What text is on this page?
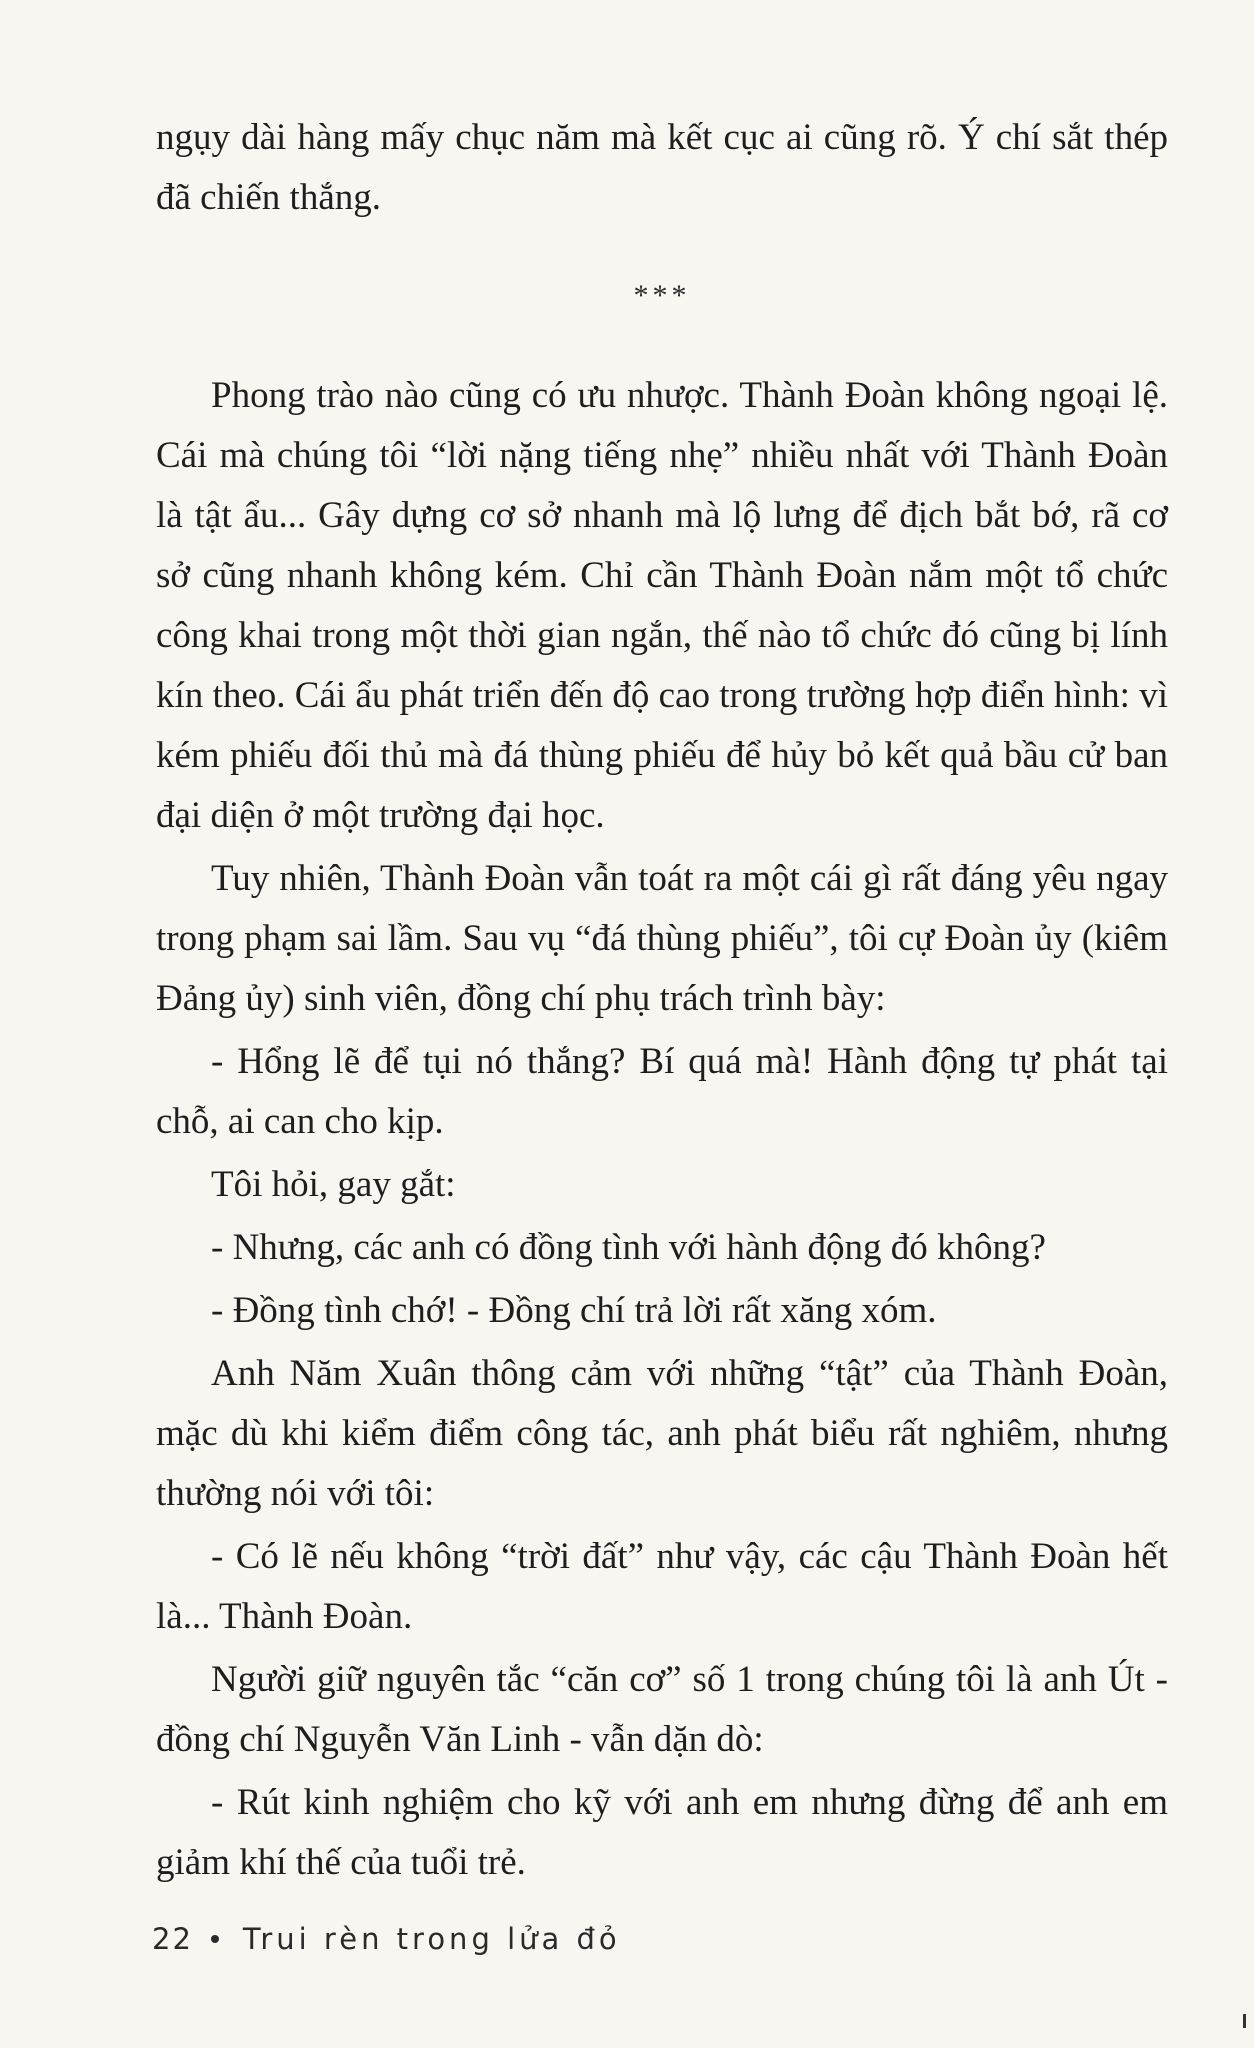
ngụy dài hàng mấy chục năm mà kết cục ai cũng rõ. Ý chí sắt thép đã chiến thắng.

***

Phong trào nào cũng có ưu nhược. Thành Đoàn không ngoại lệ. Cái mà chúng tôi “lời nặng tiếng nhẹ” nhiều nhất với Thành Đoàn là tật ẩu... Gây dựng cơ sở nhanh mà lộ lưng để địch bắt bớ, rã cơ sở cũng nhanh không kém. Chỉ cần Thành Đoàn nắm một tổ chức công khai trong một thời gian ngắn, thế nào tổ chức đó cũng bị lính kín theo. Cái ẩu phát triển đến độ cao trong trường hợp điển hình: vì kém phiếu đối thủ mà đá thùng phiếu để hủy bỏ kết quả bầu cử ban đại diện ở một trường đại học.

Tuy nhiên, Thành Đoàn vẫn toát ra một cái gì rất đáng yêu ngay trong phạm sai lầm. Sau vụ “đá thùng phiếu”, tôi cự Đoàn ủy (kiêm Đảng ủy) sinh viên, đồng chí phụ trách trình bày:

- Hổng lẽ để tụi nó thắng? Bí quá mà! Hành động tự phát tại chỗ, ai can cho kịp.

Tôi hỏi, gay gắt:

- Nhưng, các anh có đồng tình với hành động đó không?

- Đồng tình chớ! - Đồng chí trả lời rất xăng xóm.

Anh Năm Xuân thông cảm với những “tật” của Thành Đoàn, mặc dù khi kiểm điểm công tác, anh phát biểu rất nghiêm, nhưng thường nói với tôi:

- Có lẽ nếu không “trời đất” như vậy, các cậu Thành Đoàn hết là... Thành Đoàn.

Người giữ nguyên tắc “căn cơ” số 1 trong chúng tôi là anh Út - đồng chí Nguyễn Văn Linh - vẫn dặn dò:

- Rút kinh nghiệm cho kỹ với anh em nhưng đừng để anh em giảm khí thế của tuổi trẻ.

22 Trui rèn trong lửa đỏ
